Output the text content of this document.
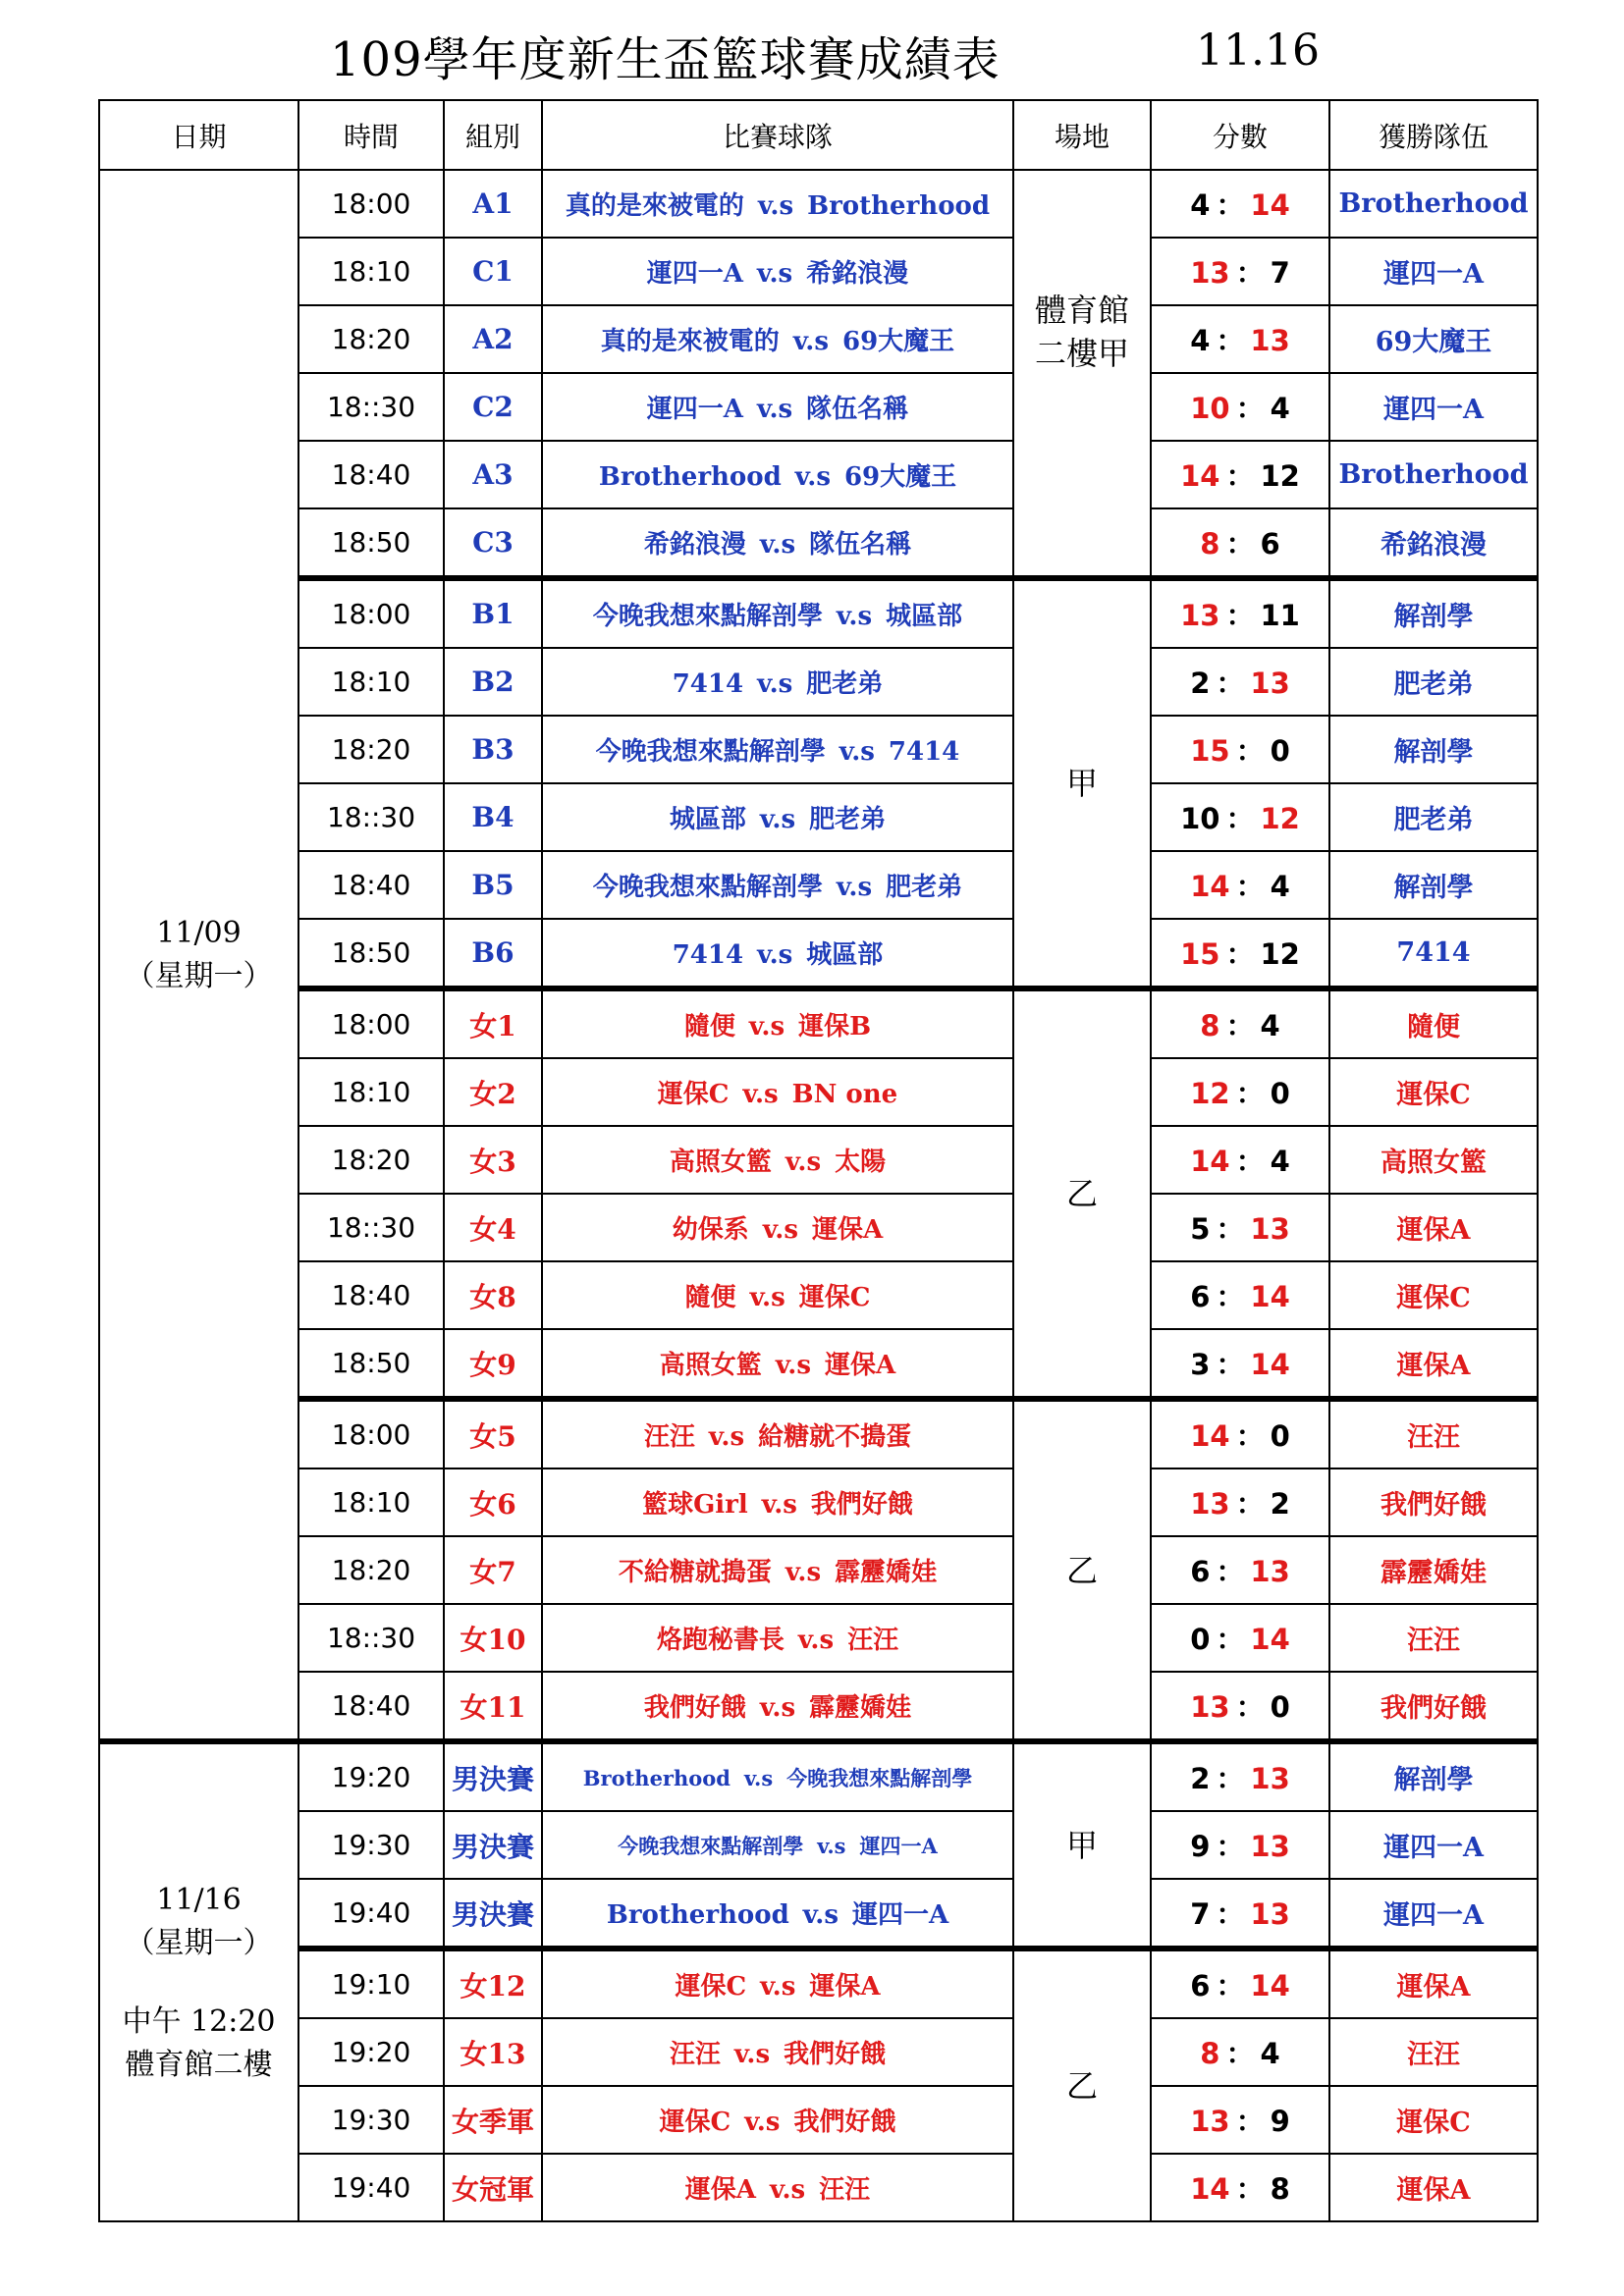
109學年度新生盃籃球賽成績表	11.16
日期	時間	組別	比賽球隊	場地	分數	獲勝隊伍

11/09
（星期一）	18:00	A1	真的是來被電的 v.s Brotherhood	體育館二樓甲	4 ： 14	Brotherhood
	18:10	C1	運四一A v.s 希銘浪漫		13 ： 7	運四一A
	18:20	A2	真的是來被電的 v.s 69大魔王		4 ： 13	69大魔王
	18::30	C2	運四一A v.s 隊伍名稱		10 ： 4	運四一A
	18:40	A3	Brotherhood v.s 69大魔王		14 ： 12	Brotherhood
	18:50	C3	希銘浪漫 v.s 隊伍名稱		8 ： 6	希銘浪漫
	18:00	B1	今晚我想來點解剖學 v.s 城區部	甲	13 ： 11	解剖學
	18:10	B2	7414 v.s 肥老弟		2 ： 13	肥老弟
	18:20	B3	今晚我想來點解剖學 v.s 7414		15 ： 0	解剖學
	18::30	B4	城區部 v.s 肥老弟		10 ： 12	肥老弟
	18:40	B5	今晚我想來點解剖學 v.s 肥老弟		14 ： 4	解剖學
	18:50	B6	7414 v.s 城區部		15 ： 12	7414
	18:00	女1	隨便 v.s 運保B	乙	8 ： 4	隨便
	18:10	女2	運保C v.s BN one		12 ： 0	運保C
	18:20	女3	高照女籃 v.s 太陽		14 ： 4	高照女籃
	18::30	女4	幼保系 v.s 運保A		5 ： 13	運保A
	18:40	女8	隨便 v.s 運保C		6 ： 14	運保C
	18:50	女9	高照女籃 v.s 運保A		3 ： 14	運保A
	18:00	女5	汪汪 v.s 給糖就不搗蛋	乙	14 ： 0	汪汪
	18:10	女6	籃球Girl v.s 我們好餓		13 ： 2	我們好餓
	18:20	女7	不給糖就搗蛋 v.s 霹靂嬌娃		6 ： 13	霹靂嬌娃
	18::30	女10	烙跑秘書長 v.s 汪汪		0 ： 14	汪汪
	18:40	女11	我們好餓 v.s 霹靂嬌娃		13 ： 0	我們好餓

11/16
（星期一）
中午 12:20
體育館二樓	19:20	男決賽	Brotherhood v.s 今晚我想來點解剖學	甲	2 ： 13	解剖學
	19:30	男決賽	今晚我想來點解剖學 v.s 運四一A		9 ： 13	運四一A
	19:40	男決賽	Brotherhood v.s 運四一A		7 ： 13	運四一A
	19:10	女12	運保C v.s 運保A	乙	6 ： 14	運保A
	19:20	女13	汪汪 v.s 我們好餓		8 ： 4	汪汪
	19:30	女季軍	運保C v.s 我們好餓		13 ： 9	運保C
	19:40	女冠軍	運保A v.s 汪汪		14 ： 8	運保A
